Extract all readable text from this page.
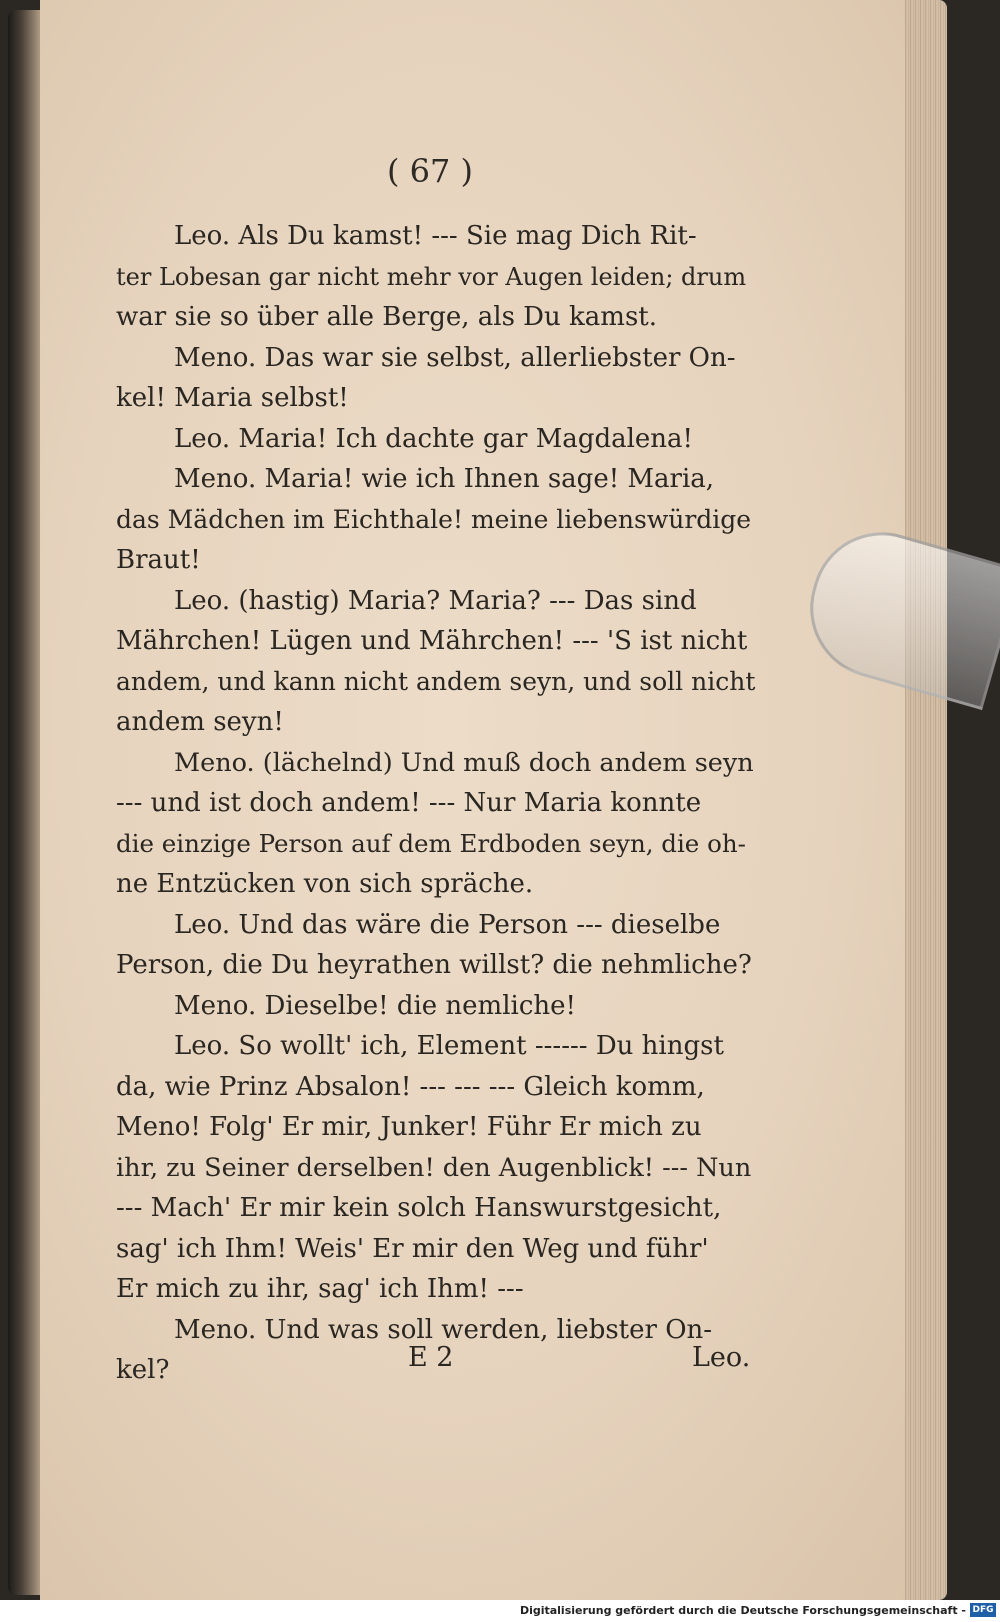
( 67 )
Leo. Als Du kamst! --- Sie mag Dich Rit-
ter Lobesan gar nicht mehr vor Augen leiden; drum
war sie so über alle Berge, als Du kamst.
Meno. Das war sie selbst, allerliebster On-
kel! Maria selbst!
Leo. Maria! Ich dachte gar Magdalena!
Meno. Maria! wie ich Ihnen sage! Maria,
das Mädchen im Eichthale! meine liebenswürdige
Braut!
Leo. (hastig) Maria? Maria? --- Das sind
Mährchen! Lügen und Mährchen! --- 'S ist nicht
andem, und kann nicht andem seyn, und soll nicht
andem seyn!
Meno. (lächelnd) Und muß doch andem seyn
--- und ist doch andem! --- Nur Maria konnte
die einzige Person auf dem Erdboden seyn, die oh-
ne Entzücken von sich spräche.
Leo. Und das wäre die Person --- dieselbe
Person, die Du heyrathen willst? die nehmliche?
Meno. Dieselbe! die nemliche!
Leo. So wollt' ich, Element ------ Du hingst
da, wie Prinz Absalon! --- --- --- Gleich komm,
Meno! Folg' Er mir, Junker! Führ Er mich zu
ihr, zu Seiner derselben! den Augenblick! --- Nun
--- Mach' Er mir kein solch Hanswurstgesicht,
sag' ich Ihm! Weis' Er mir den Weg und führ'
Er mich zu ihr, sag' ich Ihm! ---
Meno. Und was soll werden, liebster On-
kel?	E 2	Leo.
Digitalisierung gefördert durch die Deutsche Forschungsgemeinschaft - DFG
